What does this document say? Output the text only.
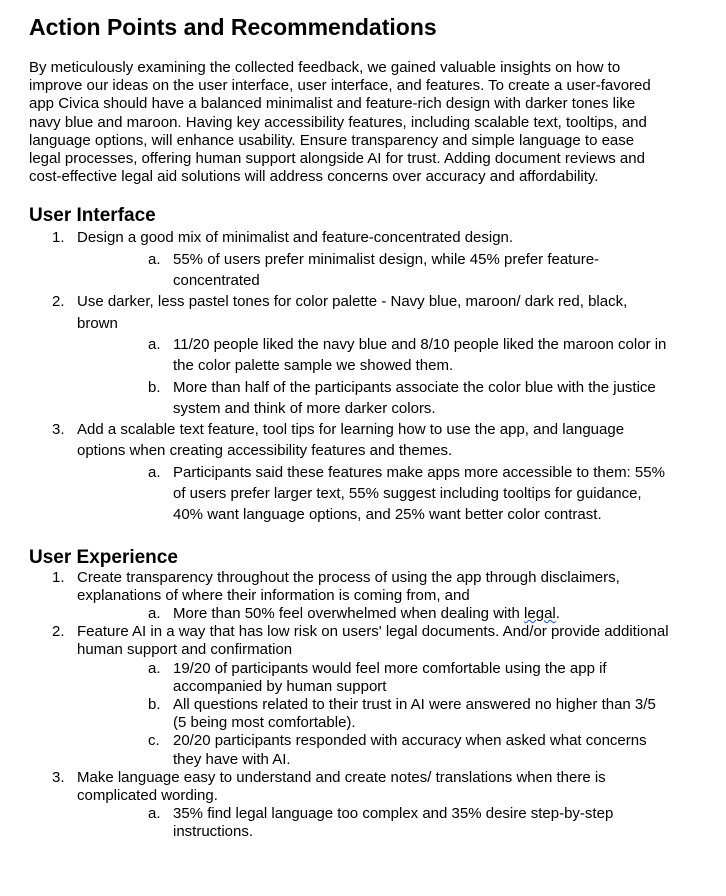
Action Points and Recommendations

By meticulously examining the collected feedback, we gained valuable insights on how to improve our ideas on the user interface, user interface, and features. To create a user-favored app Civica should have a balanced minimalist and feature-rich design with darker tones like navy blue and maroon. Having key accessibility features, including scalable text, tooltips, and language options, will enhance usability. Ensure transparency and simple language to ease legal processes, offering human support alongside AI for trust. Adding document reviews and cost-effective legal aid solutions will address concerns over accuracy and affordability.

User Interface
1. Design a good mix of minimalist and feature-concentrated design.
a. 55% of users prefer minimalist design, while 45% prefer feature-concentrated
2. Use darker, less pastel tones for color palette - Navy blue, maroon/ dark red, black, brown
a. 11/20 people liked the navy blue and 8/10 people liked the maroon color in the color palette sample we showed them.
b. More than half of the participants associate the color blue with the justice system and think of more darker colors.
3. Add a scalable text feature, tool tips for learning how to use the app, and language options when creating accessibility features and themes.
a. Participants said these features make apps more accessible to them: 55% of users prefer larger text, 55% suggest including tooltips for guidance, 40% want language options, and 25% want better color contrast.
User Experience
1. Create transparency throughout the process of using the app through disclaimers, explanations of where their information is coming from, and
a. More than 50% feel overwhelmed when dealing with legal.
2. Feature AI in a way that has low risk on users' legal documents. And/or provide additional human support and confirmation
a. 19/20 of participants would feel more comfortable using the app if accompanied by human support
b. All questions related to their trust in AI were answered no higher than 3/5 (5 being most comfortable).
c. 20/20 participants responded with accuracy when asked what concerns they have with AI.
3. Make language easy to understand and create notes/ translations when there is complicated wording.
a. 35% find legal language too complex and 35% desire step-by-step instructions.
